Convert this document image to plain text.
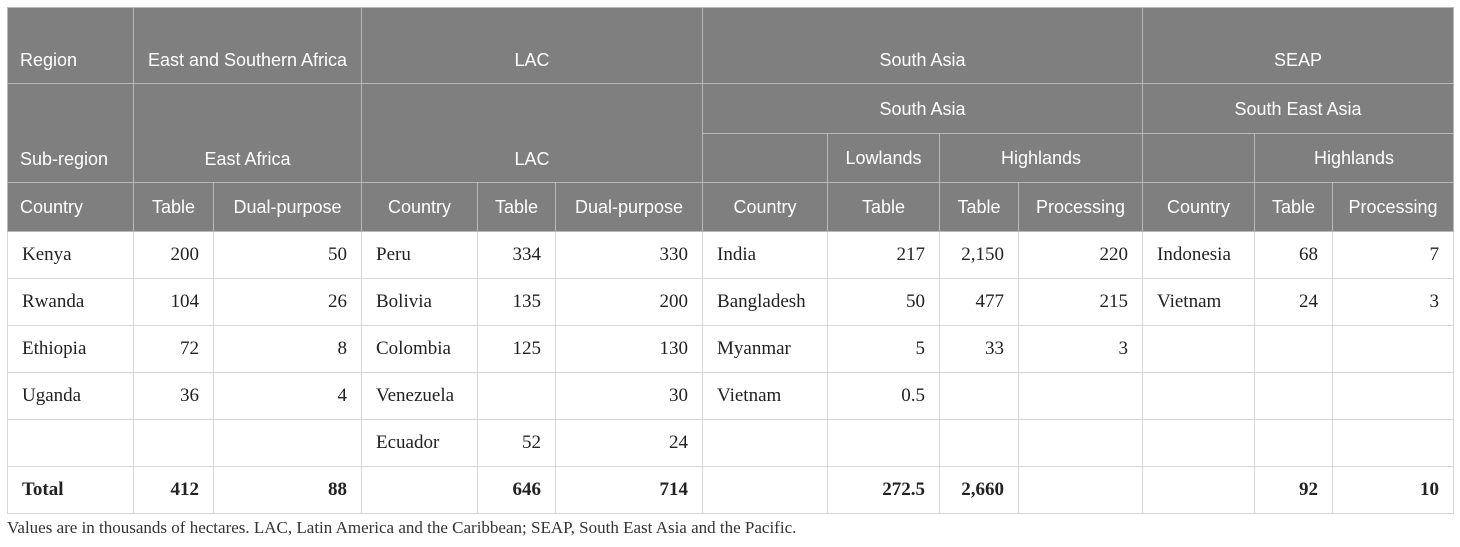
Region	East and Southern Africa		LAC			South Asia				SEAP		
Sub-region	East Africa		LAC			South Asia				South East Asia		
							Lowlands	Highlands			Highlands	
Country	Table	Dual-purpose	Country	Table	Dual-purpose	Country	Table	Table	Processing	Country	Table	Processing
Kenya	200	50	Peru	334	330	India	217	2,150	220	Indonesia	68	7
Rwanda	104	26	Bolivia	135	200	Bangladesh	50	477	215	Vietnam	24	3
Ethiopia	72	8	Colombia	125	130	Myanmar	5	33	3			
Uganda	36	4	Venezuela		30	Vietnam	0.5					
			Ecuador	52	24							
Total	412	88		646	714		272.5	2,660			92	10
Values are in thousands of hectares. LAC, Latin America and the Caribbean; SEAP, South East Asia and the Pacific.
